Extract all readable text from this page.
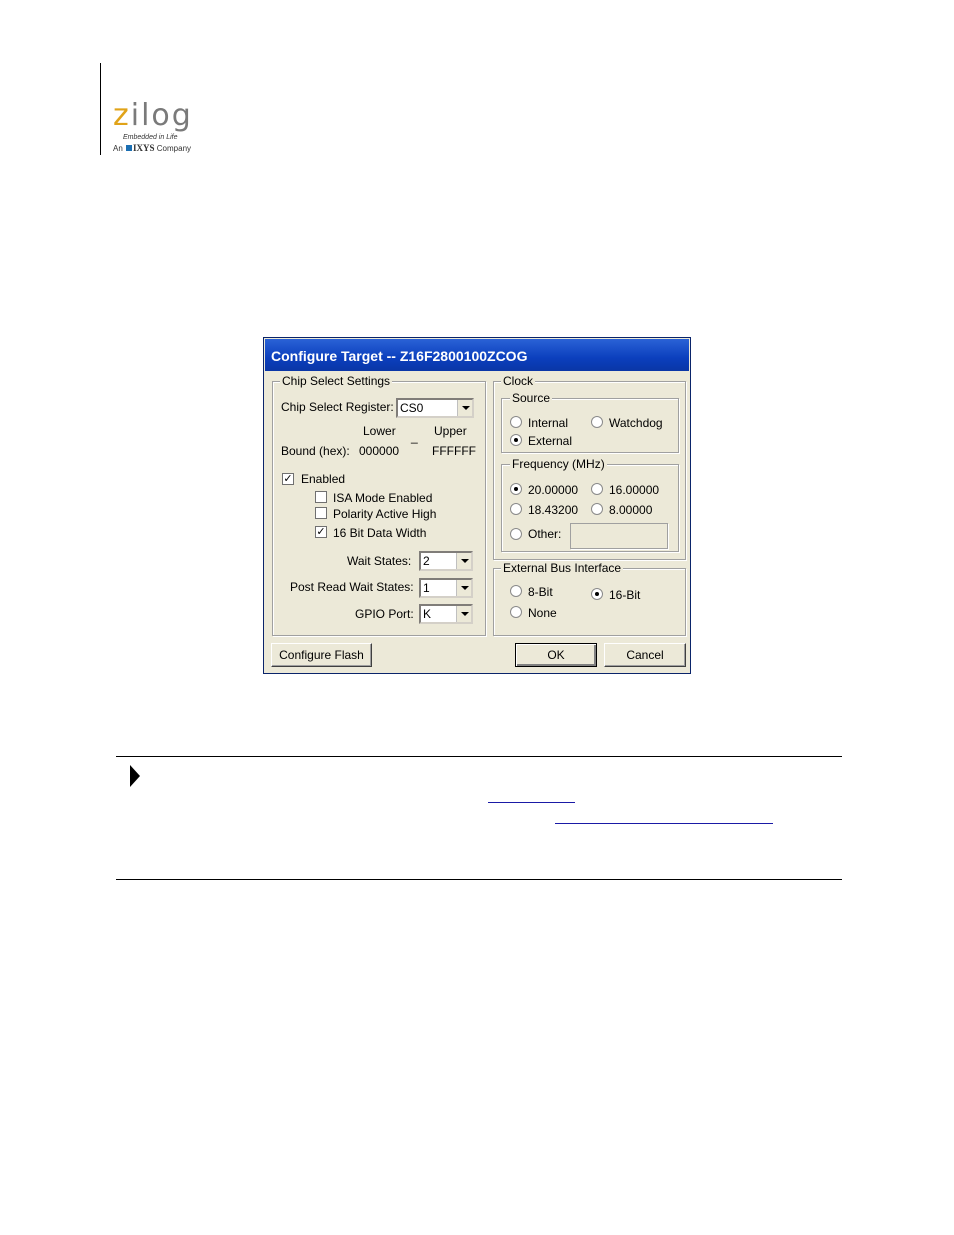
zilog
Embedded in Life
An IXYS Company
Configure Target -- Z16F2800100ZCOG
Chip Select Settings
Chip Select Register: CS0
Lower	Upper
_
Bound (hex): 000000	FFFFFF
✓ Enabled
ISA Mode Enabled
Polarity Active High
✓ 16 Bit Data Width
Wait States: 2
Post Read Wait States: 1
GPIO Port: K
Clock
Source
Internal	Watchdog
External
Frequency (MHz)
20.00000	16.00000
18.43200	8.00000
Other:
External Bus Interface
8-Bit	16-Bit
None
Configure Flash	OK	Cancel
